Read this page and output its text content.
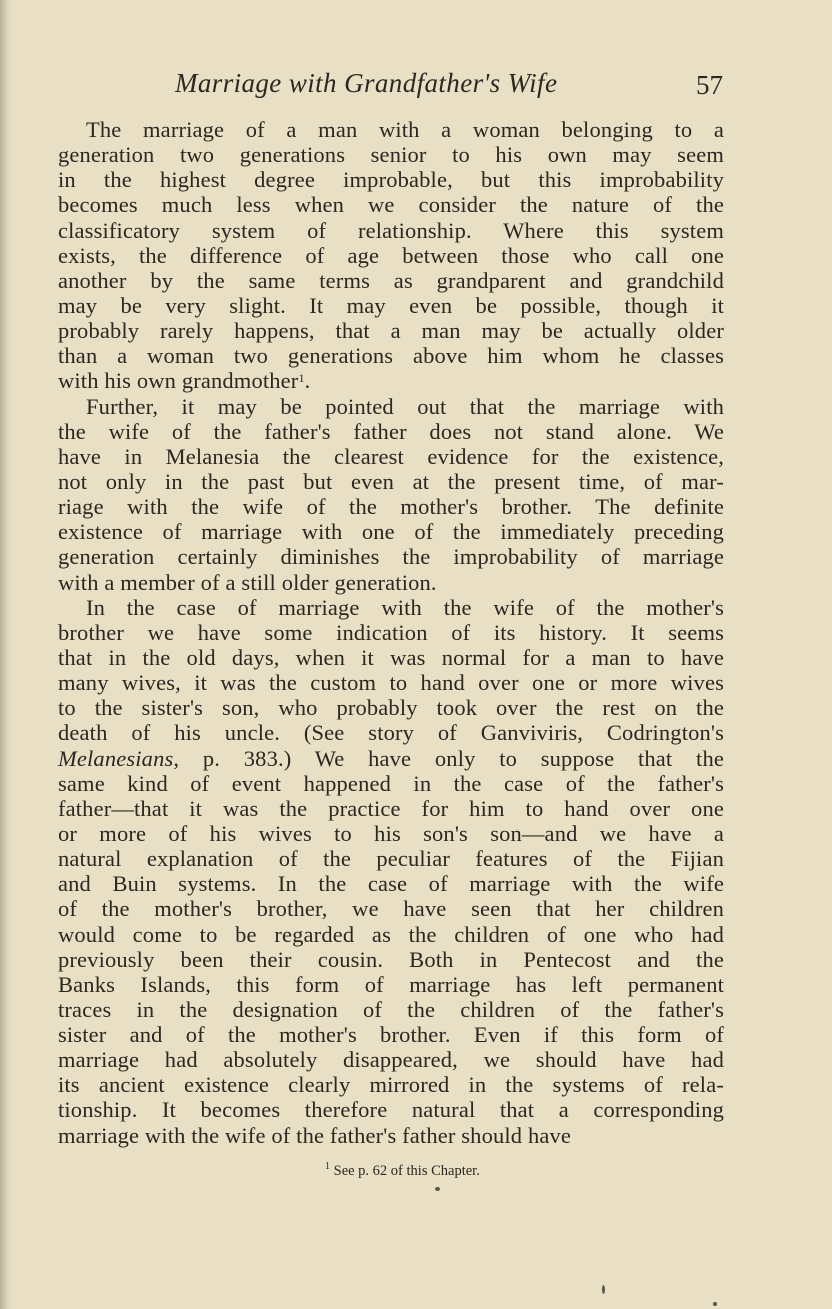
Marriage with Grandfather's Wife	57
The marriage of a man with a woman belonging to a
generation two generations senior to his own may seem
in the highest degree improbable, but this improbability
becomes much less when we consider the nature of the
classificatory system of relationship. Where this system
exists, the difference of age between those who call one
another by the same terms as grandparent and grandchild
may be very slight. It may even be possible, though it
probably rarely happens, that a man may be actually older
than a woman two generations above him whom he classes
with his own grandmother$^1$.
Further, it may be pointed out that the marriage with
the wife of the father's father does not stand alone. We
have in Melanesia the clearest evidence for the existence,
not only in the past but even at the present time, of mar-
riage with the wife of the mother's brother. The definite
existence of marriage with one of the immediately preceding
generation certainly diminishes the improbability of marriage
with a member of a still older generation.
In the case of marriage with the wife of the mother's
brother we have some indication of its history. It seems
that in the old days, when it was normal for a man to have
many wives, it was the custom to hand over one or more wives
to the sister's son, who probably took over the rest on the
death of his uncle. (See story of Ganviviris, Codrington's
Melanesians, p. 383.) We have only to suppose that the
same kind of event happened in the case of the father's
father—that it was the practice for him to hand over one
or more of his wives to his son's son—and we have a
natural explanation of the peculiar features of the Fijian
and Buin systems. In the case of marriage with the wife
of the mother's brother, we have seen that her children
would come to be regarded as the children of one who had
previously been their cousin. Both in Pentecost and the
Banks Islands, this form of marriage has left permanent
traces in the designation of the children of the father's
sister and of the mother's brother. Even if this form of
marriage had absolutely disappeared, we should have had
its ancient existence clearly mirrored in the systems of rela-
tionship. It becomes therefore natural that a corresponding
marriage with the wife of the father's father should have
$^1$ See p. 62 of this Chapter.
